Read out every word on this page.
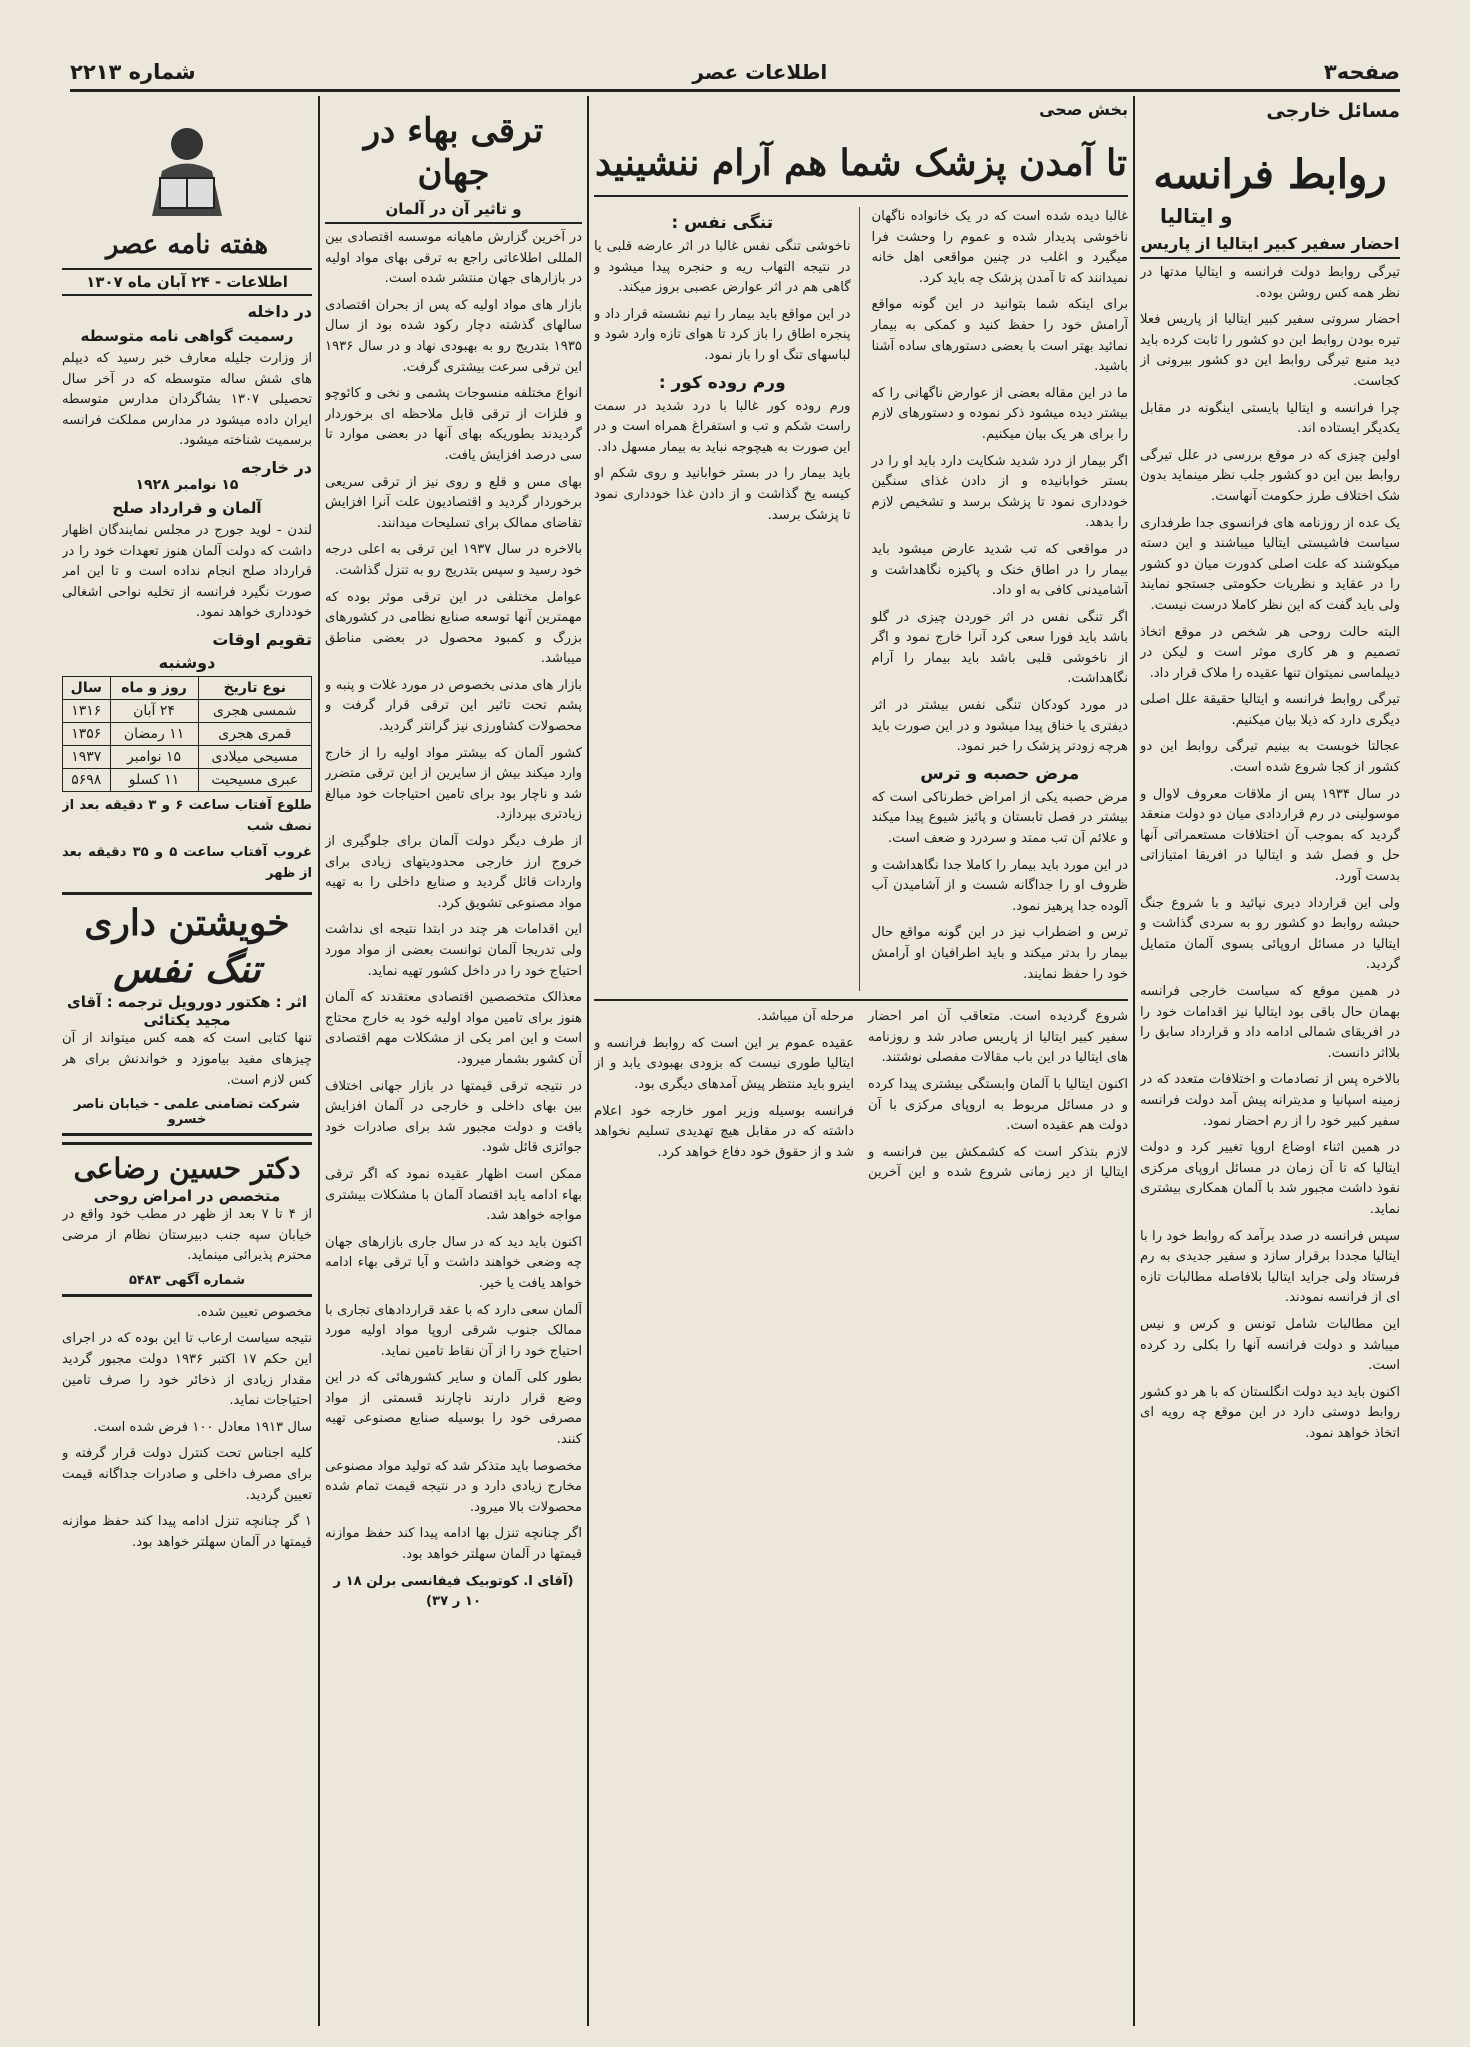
صفحه۳
اطلاعات عصر
شماره ۲۲۱۳
مسائل خارجی
روابط فرانسه
و ایتالیا
احضار سفیر کبیر ایتالیا از پاریس

تیرگی روابط دولت فرانسه و ایتالیا مدتها در نظر همه کس روشن بوده.

احضار سروتی سفیر کبیر ایتالیا از پاریس فعلا تیره بودن روابط این دو کشور را ثابت کرده باید دید منبع تیرگی روابط این دو کشور بیرونی از کجاست.

چرا فرانسه و ایتالیا بایستی اینگونه در مقابل یکدیگر ایستاده اند.

اولین چیزی که در موقع بررسی در علل تیرگی روابط بین این دو کشور جلب نظر مینماید بدون شک اختلاف طرز حکومت آنهاست.

یک عده از روزنامه های فرانسوی جدا طرفداری سیاست فاشیستی ایتالیا میباشند و این دسته میکوشند که علت اصلی کدورت میان دو کشور را در عقاید و نظریات حکومتی جستجو نمایند ولی باید گفت که این نظر کاملا درست نیست.

البته حالت روحی هر شخص در موقع اتخاذ تصمیم و هر کاری موثر است و لیکن در دیپلماسی نمیتوان تنها عقیده را ملاک قرار داد.

تیرگی روابط فرانسه و ایتالیا حقیقة علل اصلی دیگری دارد که ذیلا بیان میکنیم.

عجالتا خوبست به بینیم تیرگی روابط این دو کشور از کجا شروع شده است.

در سال ۱۹۳۴ پس از ملاقات معروف لاوال و موسولینی در رم قراردادی میان دو دولت منعقد گردید که بموجب آن اختلافات مستعمراتی آنها حل و فصل شد و ایتالیا در افریقا امتیازاتی بدست آورد.

ولی این قرارداد دیری نپائید و با شروع جنگ حبشه روابط دو کشور رو به سردی گذاشت و ایتالیا در مسائل اروپائی بسوی آلمان متمایل گردید.

در همین موقع که سیاست خارجی فرانسه بهمان حال باقی بود ایتالیا نیز اقدامات خود را در افریقای شمالی ادامه داد و قرارداد سابق را بلااثر دانست.

بالاخره پس از تصادمات و اختلافات متعدد که در زمینه اسپانیا و مدیترانه پیش آمد دولت فرانسه سفیر کبیر خود را از رم احضار نمود.

در همین اثناء اوضاع اروپا تغییر کرد و دولت ایتالیا که تا آن زمان در مسائل اروپای مرکزی نفوذ داشت مجبور شد با آلمان همکاری بیشتری نماید.

سپس فرانسه در صدد برآمد که روابط خود را با ایتالیا مجددا برقرار سازد و سفیر جدیدی به رم فرستاد ولی جراید ایتالیا بلافاصله مطالبات تازه ای از فرانسه نمودند.

این مطالبات شامل تونس و کرس و نیس میباشد و دولت فرانسه آنها را بکلی رد کرده است.

اکنون باید دید دولت انگلستان که با هر دو کشور روابط دوستی دارد در این موقع چه رویه ای اتخاذ خواهد نمود.

بخش صحی
تا آمدن پزشک شما هم آرام ننشینید

غالبا دیده شده است که در یک خانواده ناگهان ناخوشی پدیدار شده و عموم را وحشت فرا میگیرد و اغلب در چنین مواقعی اهل خانه نمیدانند که تا آمدن پزشک چه باید کرد.

برای اینکه شما بتوانید در این گونه مواقع آرامش خود را حفظ کنید و کمکی به بیمار نمائید بهتر است با بعضی دستورهای ساده آشنا باشید.

ما در این مقاله بعضی از عوارض ناگهانی را که بیشتر دیده میشود ذکر نموده و دستورهای لازم را برای هر یک بیان میکنیم.

اگر بیمار از درد شدید شکایت دارد باید او را در بستر خوابانیده و از دادن غذای سنگین خودداری نمود تا پزشک برسد و تشخیص لازم را بدهد.

در مواقعی که تب شدید عارض میشود باید بیمار را در اطاق خنک و پاکیزه نگاهداشت و آشامیدنی کافی به او داد.

اگر تنگی نفس در اثر خوردن چیزی در گلو باشد باید فورا سعی کرد آنرا خارج نمود و اگر از ناخوشی قلبی باشد باید بیمار را آرام نگاهداشت.

در مورد کودکان تنگی نفس بیشتر در اثر دیفتری یا خناق پیدا میشود و در این صورت باید هرچه زودتر پزشک را خبر نمود.

مرض حصبه و ترس

مرض حصبه یکی از امراض خطرناکی است که بیشتر در فصل تابستان و پائیز شیوع پیدا میکند و علائم آن تب ممتد و سردرد و ضعف است.

در این مورد باید بیمار را کاملا جدا نگاهداشت و ظروف او را جداگانه شست و از آشامیدن آب آلوده جدا پرهیز نمود.

ترس و اضطراب نیز در این گونه مواقع حال بیمار را بدتر میکند و باید اطرافیان او آرامش خود را حفظ نمایند.

تنگی نفس :

ناخوشی تنگی نفس غالبا در اثر عارضه قلبی یا در نتیجه التهاب ریه و حنجره پیدا میشود و گاهی هم در اثر عوارض عصبی بروز میکند.

در این مواقع باید بیمار را نیم نشسته قرار داد و پنجره اطاق را باز کرد تا هوای تازه وارد شود و لباسهای تنگ او را باز نمود.

ورم روده کور :

ورم روده کور غالبا با درد شدید در سمت راست شکم و تب و استفراغ همراه است و در این صورت به هیچوجه نباید به بیمار مسهل داد.

باید بیمار را در بستر خوابانید و روی شکم او کیسه یخ گذاشت و از دادن غذا خودداری نمود تا پزشک برسد.

شروع گردیده است. متعاقب آن امر احضار سفیر کبیر ایتالیا از پاریس صادر شد و روزنامه های ایتالیا در این باب مقالات مفصلی نوشتند.

اکنون ایتالیا با آلمان وابستگی بیشتری پیدا کرده و در مسائل مربوط به اروپای مرکزی با آن دولت هم عقیده است.

لازم بتذکر است که کشمکش بین فرانسه و ایتالیا از دیر زمانی شروع شده و این آخرین مرحله آن میباشد.

عقیده عموم بر این است که روابط فرانسه و ایتالیا طوری نیست که بزودی بهبودی یابد و از اینرو باید منتظر پیش آمدهای دیگری بود.

فرانسه بوسیله وزیر امور خارجه خود اعلام داشته که در مقابل هیچ تهدیدی تسلیم نخواهد شد و از حقوق خود دفاع خواهد کرد.

ترقی بهاء در جهان
و تاثیر آن در آلمان

در آخرین گزارش ماهیانه موسسه اقتصادی بین المللی اطلاعاتی راجع به ترقی بهای مواد اولیه در بازارهای جهان منتشر شده است.

بازار های مواد اولیه که پس از بحران اقتصادی سالهای گذشته دچار رکود شده بود از سال ۱۹۳۵ بتدریج رو به بهبودی نهاد و در سال ۱۹۳۶ این ترقی سرعت بیشتری گرفت.

انواع مختلفه منسوجات پشمی و نخی و کائوچو و فلزات از ترقی قابل ملاحظه ای برخوردار گردیدند بطوریکه بهای آنها در بعضی موارد تا سی درصد افزایش یافت.

بهای مس و قلع و روی نیز از ترقی سریعی برخوردار گردید و اقتصادیون علت آنرا افزایش تقاضای ممالک برای تسلیحات میدانند.

بالاخره در سال ۱۹۳۷ این ترقی به اعلی درجه خود رسید و سپس بتدریج رو به تنزل گذاشت.

عوامل مختلفی در این ترقی موثر بوده که مهمترین آنها توسعه صنایع نظامی در کشورهای بزرگ و کمبود محصول در بعضی مناطق میباشد.

بازار های مدنی بخصوص در مورد غلات و پنبه و پشم تحت تاثیر این ترقی قرار گرفت و محصولات کشاورزی نیز گرانتر گردید.

کشور آلمان که بیشتر مواد اولیه را از خارج وارد میکند بیش از سایرین از این ترقی متضرر شد و ناچار بود برای تامین احتیاجات خود مبالغ زیادتری بپردازد.

از طرف دیگر دولت آلمان برای جلوگیری از خروج ارز خارجی محدودیتهای زیادی برای واردات قائل گردید و صنایع داخلی را به تهیه مواد مصنوعی تشویق کرد.

این اقدامات هر چند در ابتدا نتیجه ای نداشت ولی تدریجا آلمان توانست بعضی از مواد مورد احتیاج خود را در داخل کشور تهیه نماید.

معذالک متخصصین اقتصادی معتقدند که آلمان هنوز برای تامین مواد اولیه خود به خارج محتاج است و این امر یکی از مشکلات مهم اقتصادی آن کشور بشمار میرود.

در نتیجه ترقی قیمتها در بازار جهانی اختلاف بین بهای داخلی و خارجی در آلمان افزایش یافت و دولت مجبور شد برای صادرات خود جوائزی قائل شود.

ممکن است اظهار عقیده نمود که اگر ترقی بهاء ادامه یابد اقتصاد آلمان با مشکلات بیشتری مواجه خواهد شد.

اکنون باید دید که در سال جاری بازارهای جهان چه وضعی خواهند داشت و آیا ترقی بهاء ادامه خواهد یافت یا خیر.

آلمان سعی دارد که با عقد قراردادهای تجاری با ممالک جنوب شرقی اروپا مواد اولیه مورد احتیاج خود را از آن نقاط تامین نماید.

بطور کلی آلمان و سایر کشورهائی که در این وضع قرار دارند ناچارند قسمتی از مواد مصرفی خود را بوسیله صنایع مصنوعی تهیه کنند.

مخصوصا باید متذکر شد که تولید مواد مصنوعی مخارج زیادی دارد و در نتیجه قیمت تمام شده محصولات بالا میرود.

اگر چنانچه تنزل بها ادامه پیدا کند حفظ موازنه قیمتها در آلمان سهلتر خواهد بود.

(آقای ا. کوتوبیک فیفانسی برلن ۱۸ ر ۱۰ ر ۳۷)

هفته نامه عصر
اطلاعات - ۲۴ آبان ماه ۱۳۰۷
در داخله
رسمیت گواهی نامه متوسطه

از وزارت جلیله معارف خبر رسید که دیپلم های شش ساله متوسطه که در آخر سال تحصیلی ۱۳۰۷ بشاگردان مدارس متوسطه ایران داده میشود در مدارس مملکت فرانسه برسمیت شناخته میشود.

در خارجه
۱۵ نوامبر ۱۹۲۸
آلمان و قرارداد صلح

لندن - لوید جورج در مجلس نمایندگان اظهار داشت که دولت آلمان هنوز تعهدات خود را در قرارداد صلح انجام نداده است و تا این امر صورت نگیرد فرانسه از تخلیه نواحی اشغالی خودداری خواهد نمود.

تقویم اوقات
دوشنبه
نوع تاریخ	روز و ماه	سال
شمسی هجری	۲۴ آبان	۱۳۱۶
قمری هجری	۱۱ رمضان	۱۳۵۶
مسیحی میلادی	۱۵ نوامبر	۱۹۳۷
عبری مسیحیت	۱۱ کسلو	۵۶۹۸

طلوع آفتاب ساعت ۶ و ۳ دقیقه بعد از نصف شب

غروب آفتاب ساعت ۵ و ۳۵ دقیقه بعد از ظهر

خویشتن داری
تنگ نفس
اثر : هکتور دورویل ترجمه : آقای مجید یکتائی

تنها کتابی است که همه کس میتواند از آن چیزهای مفید بیاموزد و خواندنش برای هر کس لازم است.

شرکت تضامنی علمی - خیابان ناصر خسرو
دکتر حسین رضاعی
متخصص در امراض روحی

از ۴ تا ۷ بعد از ظهر در مطب خود واقع در خیابان سپه جنب دبیرستان نظام از مرضی محترم پذیرائی مینماید.

شماره آگهی ۵۴۸۳

مخصوص تعیین شده.

نتیجه سیاست ارعاب تا این بوده که در اجرای این حکم ۱۷ اکتبر ۱۹۳۶ دولت مجبور گردید مقدار زیادی از ذخائر خود را صرف تامین احتیاجات نماید.

سال ۱۹۱۳ معادل ۱۰۰ فرض شده است.

کلیه اجناس تحت کنترل دولت قرار گرفته و برای مصرف داخلی و صادرات جداگانه قیمت تعیین گردید.

۱ گر چنانچه تنزل ادامه پیدا کند حفظ موازنه قیمتها در آلمان سهلتر خواهد بود.
